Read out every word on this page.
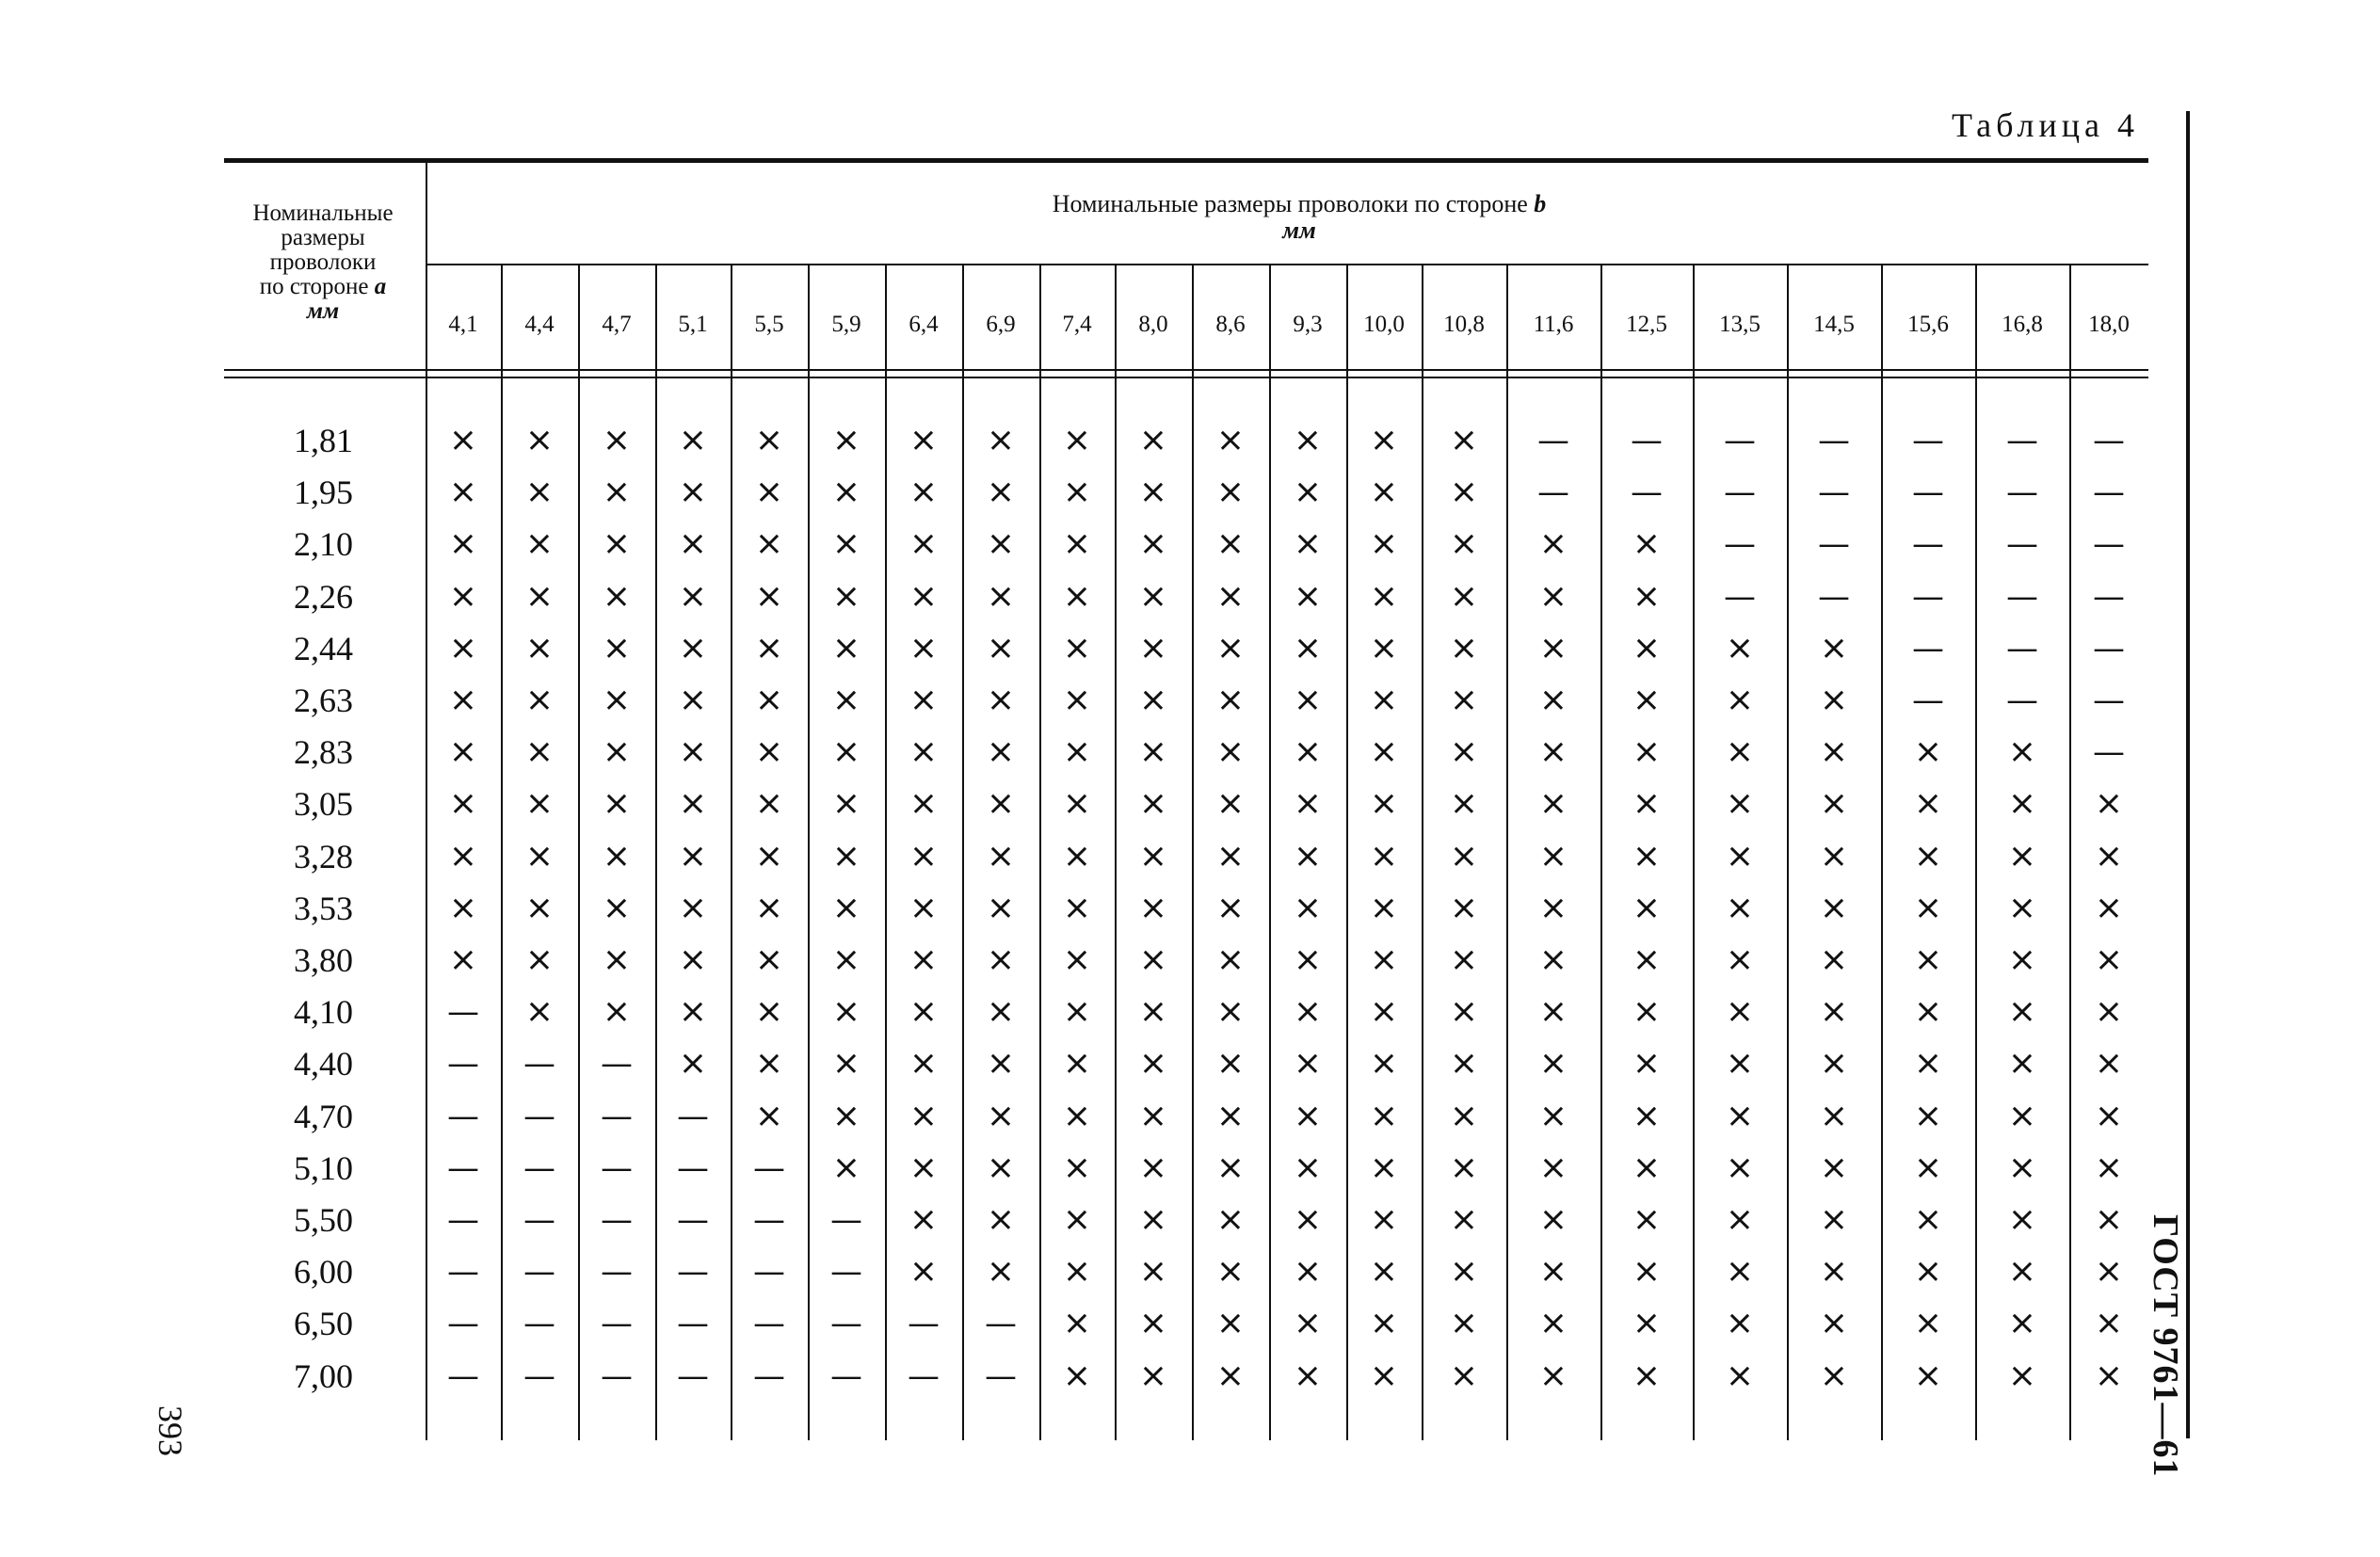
Таблица 4
Номинальные
размеры
проволоки
по стороне a
мм
Номинальные размеры проволоки по стороне b
мм
4,1	4,4	4,7	5,1	5,5	5,9	6,4	6,9	7,4	8,0	8,6	9,3	10,0	10,8	11,6	12,5	13,5	14,5	15,6	16,8	18,0
1,81	×	×	×	×	×	×	×	×	×	×	×	×	×	×	—	—	—	—	—	—	—
1,95	×	×	×	×	×	×	×	×	×	×	×	×	×	×	—	—	—	—	—	—	—
2,10	×	×	×	×	×	×	×	×	×	×	×	×	×	×	×	×	—	—	—	—	—
2,26	×	×	×	×	×	×	×	×	×	×	×	×	×	×	×	×	—	—	—	—	—
2,44	×	×	×	×	×	×	×	×	×	×	×	×	×	×	×	×	×	×	—	—	—
2,63	×	×	×	×	×	×	×	×	×	×	×	×	×	×	×	×	×	×	—	—	—
2,83	×	×	×	×	×	×	×	×	×	×	×	×	×	×	×	×	×	×	×	×	—
3,05	×	×	×	×	×	×	×	×	×	×	×	×	×	×	×	×	×	×	×	×	×
3,28	×	×	×	×	×	×	×	×	×	×	×	×	×	×	×	×	×	×	×	×	×
3,53	×	×	×	×	×	×	×	×	×	×	×	×	×	×	×	×	×	×	×	×	×
3,80	×	×	×	×	×	×	×	×	×	×	×	×	×	×	×	×	×	×	×	×	×
4,10	—	×	×	×	×	×	×	×	×	×	×	×	×	×	×	×	×	×	×	×	×
4,40	—	—	—	×	×	×	×	×	×	×	×	×	×	×	×	×	×	×	×	×	×
4,70	—	—	—	—	×	×	×	×	×	×	×	×	×	×	×	×	×	×	×	×	×
5,10	—	—	—	—	—	×	×	×	×	×	×	×	×	×	×	×	×	×	×	×	×
5,50	—	—	—	—	—	—	×	×	×	×	×	×	×	×	×	×	×	×	×	×	×
6,00	—	—	—	—	—	—	×	×	×	×	×	×	×	×	×	×	×	×	×	×	×
6,50	—	—	—	—	—	—	—	—	×	×	×	×	×	×	×	×	×	×	×	×	×
7,00	—	—	—	—	—	—	—	—	×	×	×	×	×	×	×	×	×	×	×	×	×
393	ГОСТ 9761—61
